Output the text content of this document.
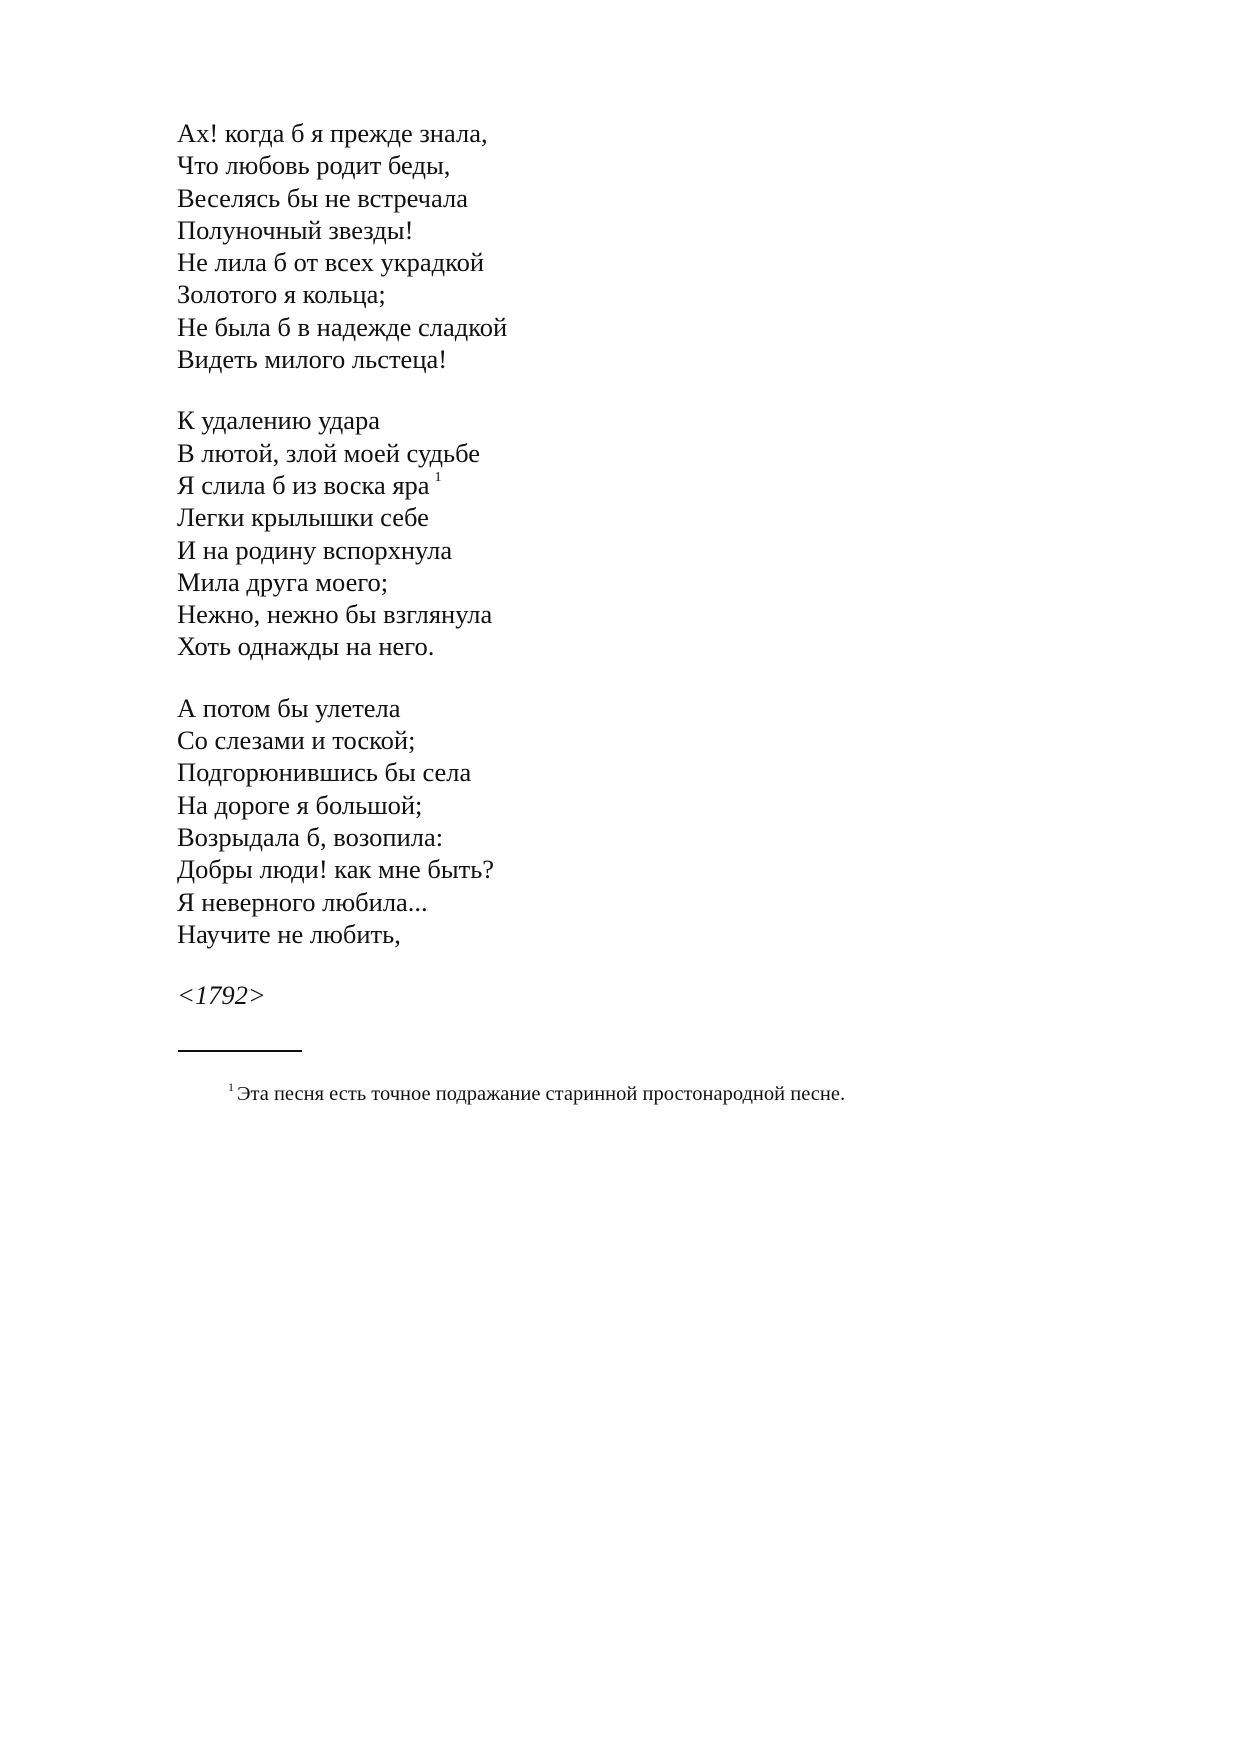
Ах! когда б я прежде знала,
Что любовь родит беды,
Веселясь бы не встречала
Полуночный звезды!
Не лила б от всех украдкой
Золотого я кольца;
Не была б в надежде сладкой
Видеть милого льстеца!
К удалению удара
В лютой, злой моей судьбе
Я слила б из воска яра $^1$
Легки крылышки себе
И на родину вспорхнула
Мила друга моего;
Нежно, нежно бы взглянула
Хоть однажды на него.
А потом бы улетела
Со слезами и тоской;
Подгорюнившись бы села
На дороге я большой;
Возрыдала б, возопила:
Добры люди! как мне быть?
Я неверного любила...
Научите не любить,

<1792>

$^1$ Эта песня есть точное подражание старинной простонародной песне.
